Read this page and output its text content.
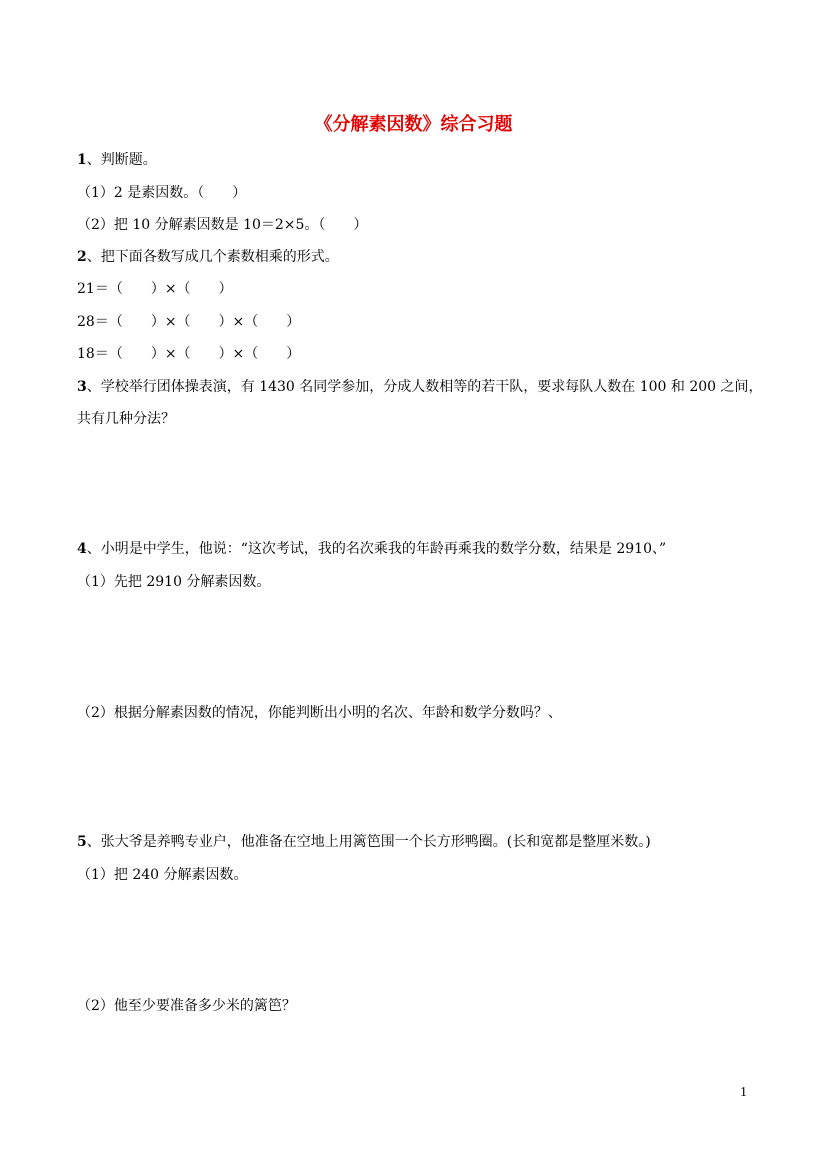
《分解素因数》综合习题
1、判断题。
（1）2 是素因数。（　　）
（2）把 10 分解素因数是 10＝2×5。（　　）
2、把下面各数写成几个素数相乘的形式。
21＝（　　）×（　　）
28＝（　　）×（　　）×（　　）
18＝（　　）×（　　）×（　　）
3、学校举行团体操表演，有 1430 名同学参加，分成人数相等的若干队，要求每队人数在 100 和 200 之间，
共有几种分法？
4、小明是中学生，他说：“这次考试，我的名次乘我的年龄再乘我的数学分数，结果是 2910、”
（1）先把 2910 分解素因数。
（2）根据分解素因数的情况，你能判断出小明的名次、年龄和数学分数吗？、
5、张大爷是养鸭专业户，他准备在空地上用篱笆围一个长方形鸭圈。(长和宽都是整厘米数。)
（1）把 240 分解素因数。
（2）他至少要准备多少米的篱笆？
1
